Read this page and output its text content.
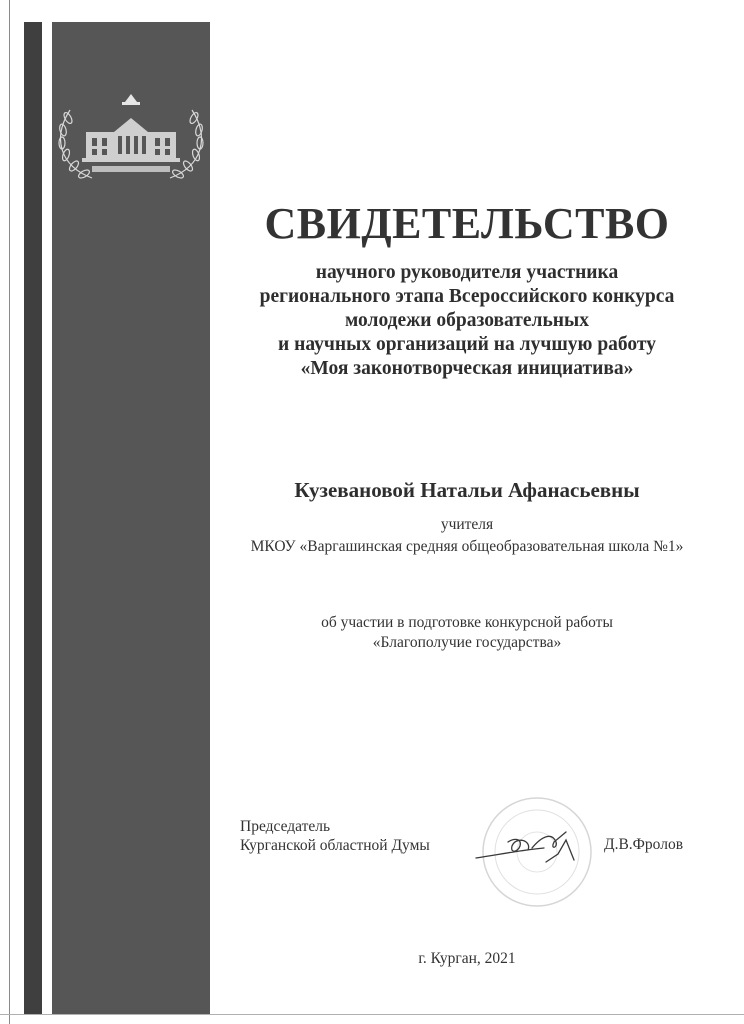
СВИДЕТЕЛЬСТВО
научного руководителя участника
регионального этапа Всероссийского конкурса
молодежи образовательных
и научных организаций на лучшую работу
«Моя законотворческая инициатива»
Кузевановой Натальи Афанасьевны
учителя
МКОУ «Варгашинская средняя общеобразовательная школа №1»
об участии в подготовке конкурсной работы
«Благополучие государства»
Председатель
Курганской областной Думы	Д.В.Фролов
г. Курган, 2021
